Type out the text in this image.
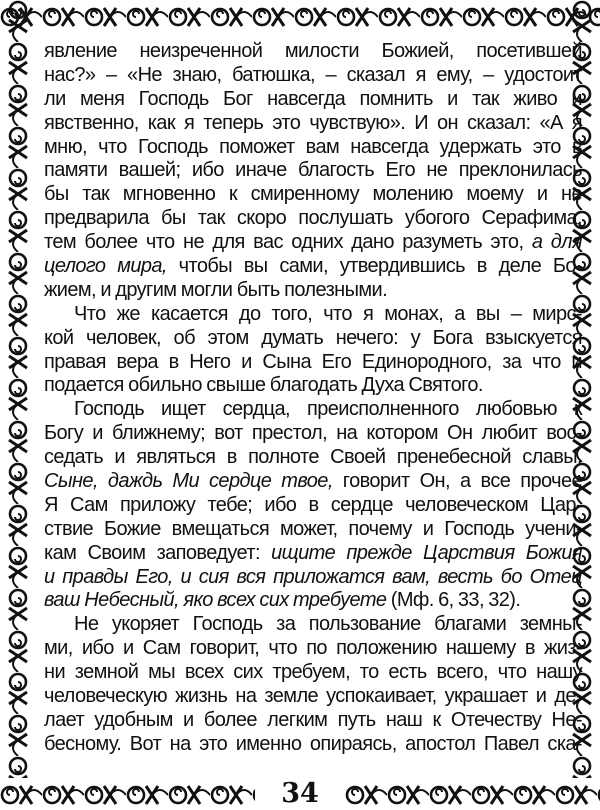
явление неизреченной милости Божией, посетившей
нас?» – «Не знаю, батюшка, – сказал я ему, – удостоит
ли меня Господь Бог навсегда помнить и так живо и
явственно, как я теперь это чувствую». И он сказал: «А я
мню, что Господь поможет вам навсегда удержать это в
памяти вашей; ибо иначе благость Его не преклонилась
бы так мгновенно к смиренному молению моему и не
предварила бы так скоро послушать убогого Серафима,
тем более что не для вас одних дано разуметь это, а для
целого мира, чтобы вы сами, утвердившись в деле Бо-
жием, и другим могли быть полезными.
Что же касается до того, что я монах, а вы – мирс-
кой человек, об этом думать нечего: у Бога взыскуется
правая вера в Него и Сына Его Единородного, за что и
подается обильно свыше благодать Духа Святого.
Господь ищет сердца, преисполненного любовью к
Богу и ближнему; вот престол, на котором Он любит вос-
седать и являться в полноте Своей пренебесной славы.
Сыне, даждь Ми сердце твое, говорит Он, а все прочее
Я Сам приложу тебе; ибо в сердце человеческом Цар-
ствие Божие вмещаться может, почему и Господь учени-
кам Своим заповедует: ищите прежде Царствия Божия
и правды Его, и сия вся приложатся вам, весть бо Отец
ваш Небесный, яко всех сих требуете (Мф. 6, 33, 32).
Не укоряет Господь за пользование благами земны-
ми, ибо и Сам говорит, что по положению нашему в жиз-
ни земной мы всех сих требуем, то есть всего, что нашу
человеческую жизнь на земле успокаивает, украшает и де-
лает удобным и более легким путь наш к Отечеству Не-
бесному. Вот на это именно опираясь, апостол Павел ска-
34
